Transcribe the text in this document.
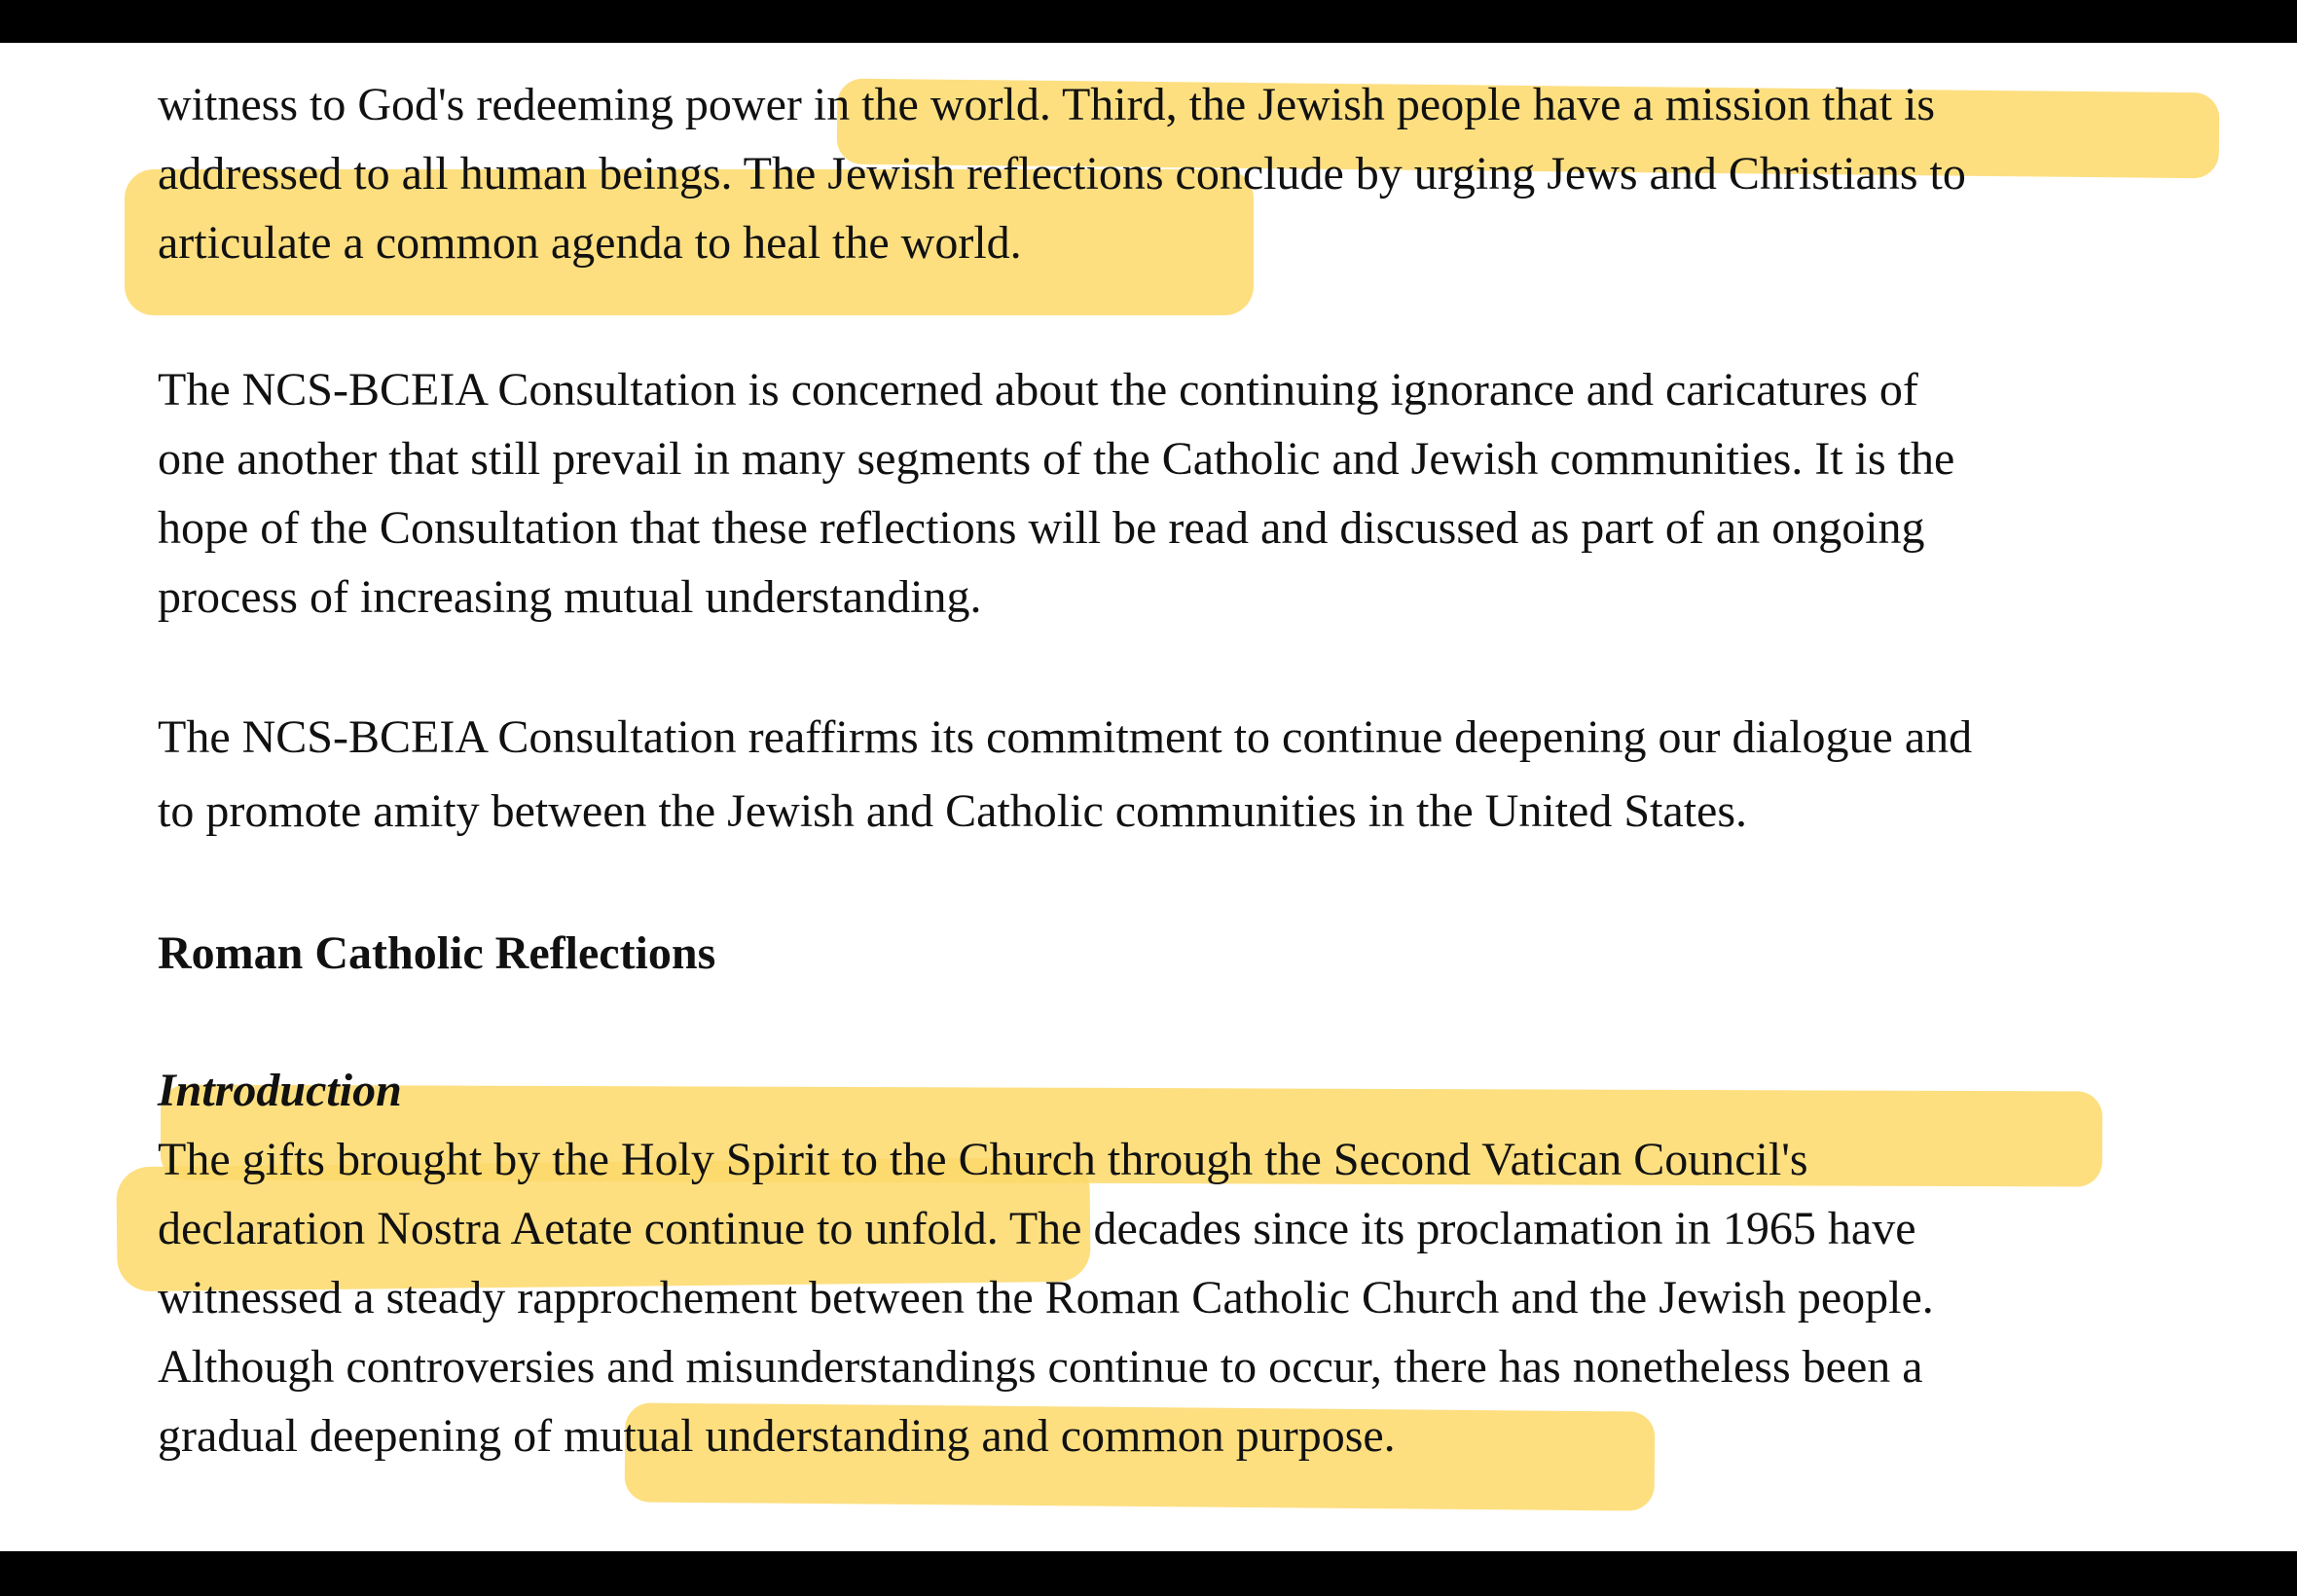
witness to God's redeeming power in the world. Third, the Jewish people have a mission that is
addressed to all human beings. The Jewish reflections conclude by urging Jews and Christians to
articulate a common agenda to heal the world.
The NCS-BCEIA Consultation is concerned about the continuing ignorance and caricatures of
one another that still prevail in many segments of the Catholic and Jewish communities. It is the
hope of the Consultation that these reflections will be read and discussed as part of an ongoing
process of increasing mutual understanding.
The NCS-BCEIA Consultation reaffirms its commitment to continue deepening our dialogue and
to promote amity between the Jewish and Catholic communities in the United States.
Roman Catholic Reflections
Introduction
The gifts brought by the Holy Spirit to the Church through the Second Vatican Council's
declaration Nostra Aetate continue to unfold. The decades since its proclamation in 1965 have
witnessed a steady rapprochement between the Roman Catholic Church and the Jewish people.
Although controversies and misunderstandings continue to occur, there has nonetheless been a
gradual deepening of mutual understanding and common purpose.
